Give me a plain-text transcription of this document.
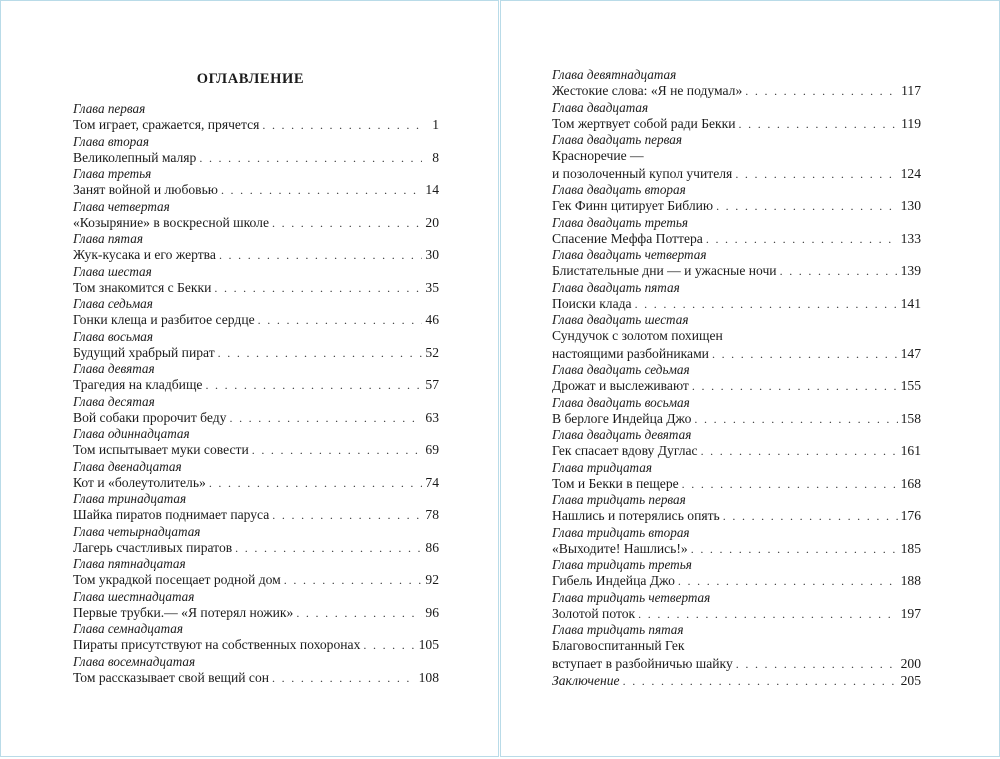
ОГЛАВЛЕНИЕ
Глава первая
Том играет, сражается, прячется . . .	1
Глава вторая
Великолепный маляр . . .	8
Глава третья
Занят войной и любовью . . .	14
Глава четвертая
«Козыряние» в воскресной школе . . .	20
Глава пятая
Жук-кусака и его жертва . . .	30
Глава шестая
Том знакомится с Бекки . . .	35
Глава седьмая
Гонки клеща и разбитое сердце . . .	46
Глава восьмая
Будущий храбрый пират . . .	52
Глава девятая
Трагедия на кладбище . . .	57
Глава десятая
Вой собаки пророчит беду . . .	63
Глава одиннадцатая
Том испытывает муки совести . . .	69
Глава двенадцатая
Кот и «болеутолитель» . . .	74
Глава тринадцатая
Шайка пиратов поднимает паруса . . .	78
Глава четырнадцатая
Лагерь счастливых пиратов . . .	86
Глава пятнадцатая
Том украдкой посещает родной дом . . .	92
Глава шестнадцатая
Первые трубки.— «Я потерял ножик» . . .	96
Глава семнадцатая
Пираты присутствуют на собственных похоронах . . .	105
Глава восемнадцатая
Том рассказывает свой вещий сон . . .	108
Глава девятнадцатая
Жестокие слова: «Я не подумал» . . .	117
Глава двадцатая
Том жертвует собой ради Бекки . . .	119
Глава двадцать первая
Красноречие —
и позолоченный купол учителя . . .	124
Глава двадцать вторая
Гек Финн цитирует Библию . . .	130
Глава двадцать третья
Спасение Меффа Поттера . . .	133
Глава двадцать четвертая
Блистательные дни — и ужасные ночи . . .	139
Глава двадцать пятая
Поиски клада . . .	141
Глава двадцать шестая
Сундучок с золотом похищен
настоящими разбойниками . . .	147
Глава двадцать седьмая
Дрожат и выслеживают . . .	155
Глава двадцать восьмая
В берлоге Индейца Джо . . .	158
Глава двадцать девятая
Гек спасает вдову Дуглас . . .	161
Глава тридцатая
Том и Бекки в пещере . . .	168
Глава тридцать первая
Нашлись и потерялись опять . . .	176
Глава тридцать вторая
«Выходите! Нашлись!» . . .	185
Глава тридцать третья
Гибель Индейца Джо . . .	188
Глава тридцать четвертая
Золотой поток . . .	197
Глава тридцать пятая
Благовоспитанный Гек
вступает в разбойничью шайку . . .	200
Заключение . . .	205
